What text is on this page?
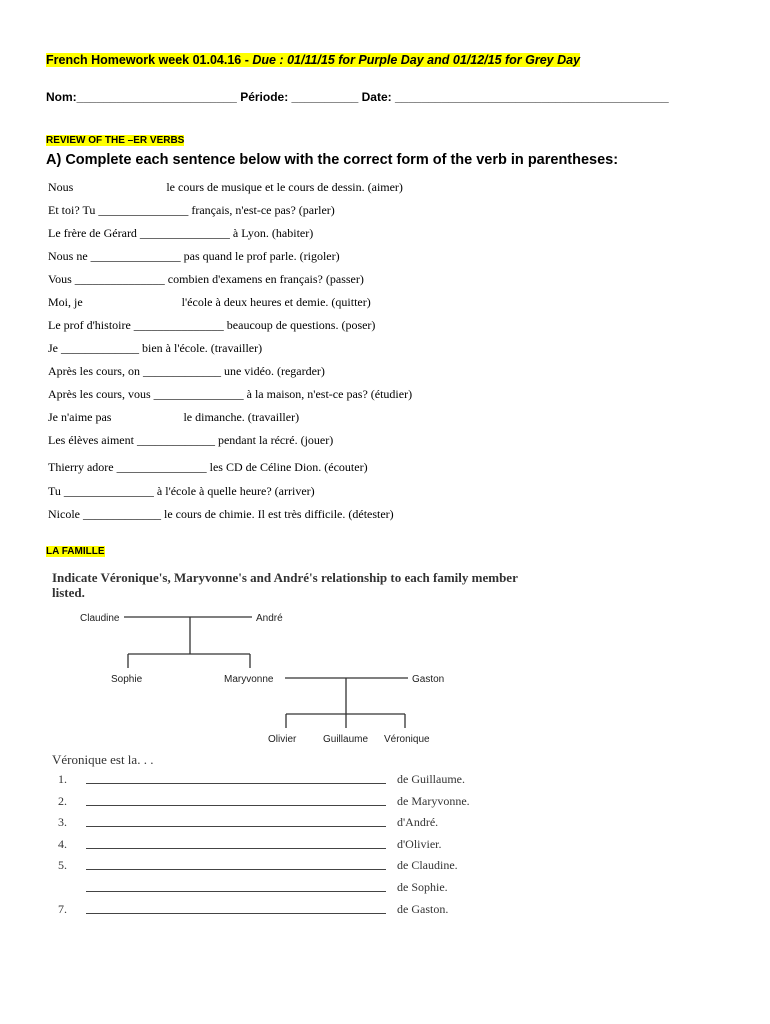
French Homework week 01.04.16 - Due : 01/11/15 for Purple Day and 01/12/15 for Grey Day
Nom:________________________ Période: __________ Date: _________________________________________
REVIEW OF THE –ER VERBS
A) Complete each sentence below with the correct form of the verb in parentheses:
Nous                               le cours de musique et le cours de dessin. (aimer)
Et toi? Tu _______________ français, n'est-ce pas? (parler)
Le frère de Gérard _______________ à Lyon. (habiter)
Nous ne _______________ pas quand le prof parle. (rigoler)
Vous _______________ combien d'examens en français? (passer)
Moi, je                                 l'école à deux heures et demie. (quitter)
Le prof d'histoire _______________ beaucoup de questions. (poser)
Je _____________ bien à l'école. (travailler)
Après les cours, on _____________ une vidéo. (regarder)
Après les cours, vous _______________ à la maison, n'est-ce pas? (étudier)
Je n'aime pas                        le dimanche. (travailler)
Les élèves aiment _____________ pendant la récré. (jouer)
Thierry adore _______________ les CD de Céline Dion. (écouter)
Tu _______________ à l'école à quelle heure? (arriver)
Nicole _____________ le cours de chimie. Il est très difficile. (détester)
LA FAMILLE
Indicate Véronique's, Maryvonne's and André's relationship to each family member listed.
Claudine	André
Sophie	Maryvonne	Gaston
Olivier	Guillaume Véronique
Véronique est la. . .
1.	de Guillaume.
2.	de Maryvonne.
3.	d'André.
4.	d'Olivier.
5.	de Claudine.
de Sophie.
7.	de Gaston.
